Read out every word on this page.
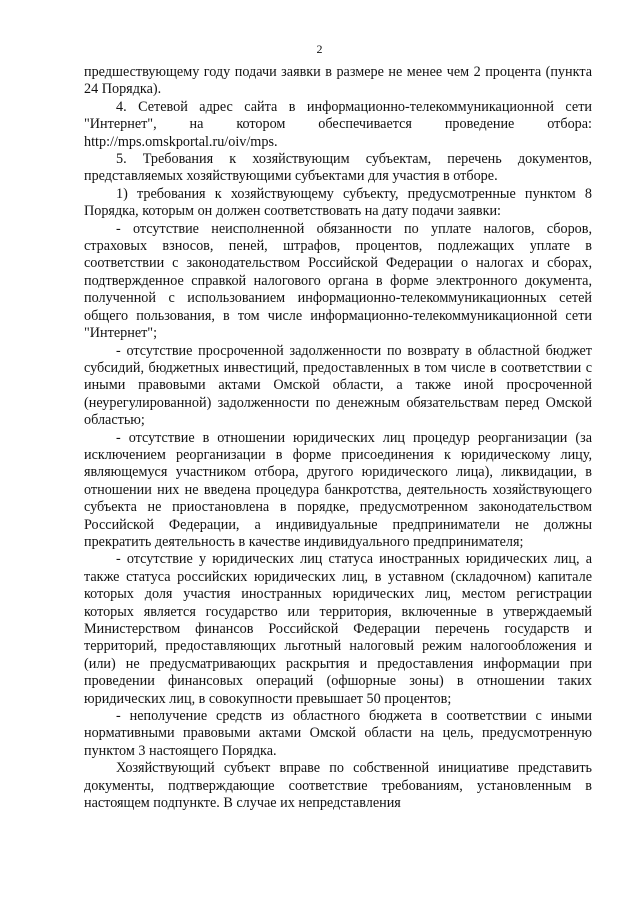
2

предшествующему году подачи заявки в размере не менее чем 2 процента (пункта 24 Порядка).

4. Сетевой адрес сайта в информационно-телекоммуникационной сети "Интернет", на котором обеспечивается проведение отбора: http://mps.omskportal.ru/oiv/mps.

5. Требования к хозяйствующим субъектам, перечень документов, представляемых хозяйствующими субъектами для участия в отборе.

1) требования к хозяйствующему субъекту, предусмотренные пунктом 8 Порядка, которым он должен соответствовать на дату подачи заявки:

- отсутствие неисполненной обязанности по уплате налогов, сборов, страховых взносов, пеней, штрафов, процентов, подлежащих уплате в соответствии с законодательством Российской Федерации о налогах и сборах, подтвержденное справкой налогового органа в форме электронного документа, полученной с использованием информационно-телекоммуникационных сетей общего пользования, в том числе информационно-телекоммуникационной сети "Интернет";

- отсутствие просроченной задолженности по возврату в областной бюджет субсидий, бюджетных инвестиций, предоставленных в том числе в соответствии с иными правовыми актами Омской области, а также иной просроченной (неурегулированной) задолженности по денежным обязательствам перед Омской областью;

- отсутствие в отношении юридических лиц процедур реорганизации (за исключением реорганизации в форме присоединения к юридическому лицу, являющемуся участником отбора, другого юридического лица), ликвидации, в отношении них не введена процедура банкротства, деятельность хозяйствующего субъекта не приостановлена в порядке, предусмотренном законодательством Российской Федерации, а индивидуальные предприниматели не должны прекратить деятельность в качестве индивидуального предпринимателя;

- отсутствие у юридических лиц статуса иностранных юридических лиц, а также статуса российских юридических лиц, в уставном (складочном) капитале которых доля участия иностранных юридических лиц, местом регистрации которых является государство или территория, включенные в утверждаемый Министерством финансов Российской Федерации перечень государств и территорий, предоставляющих льготный налоговый режим налогообложения и (или) не предусматривающих раскрытия и предоставления информации при проведении финансовых операций (офшорные зоны) в отношении таких юридических лиц, в совокупности превышает 50 процентов;

- неполучение средств из областного бюджета в соответствии с иными нормативными правовыми актами Омской области на цель, предусмотренную пунктом 3 настоящего Порядка.

Хозяйствующий субъект вправе по собственной инициативе представить документы, подтверждающие соответствие требованиям, установленным в настоящем подпункте. В случае их непредставления
